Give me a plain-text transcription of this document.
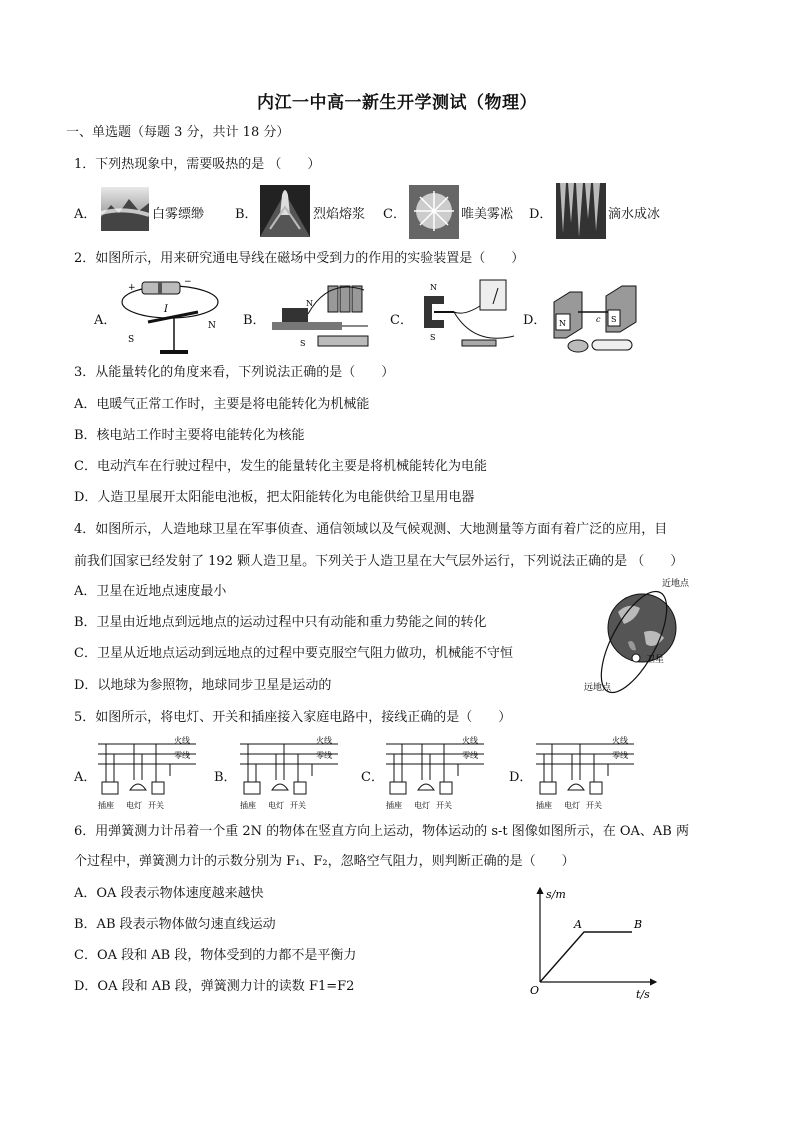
内江一中高一新生开学测试（物理）
一、单选题（每题 3 分，共计 18 分）
1．下列热现象中，需要吸热的是 （　　）
A．	白雾缥缈 B．	烈焰熔浆 C．	唯美雾凇 D．	滴水成冰
2．如图所示，用来研究通电导线在磁场中受到力的作用的实验装置是（　　）
A．
+
−
I
S
N B．
N
S
C．
N
S
D． N	S
c
3．从能量转化的角度来看，下列说法正确的是（　　）
A．电暖气正常工作时，主要是将电能转化为机械能
B．核电站工作时主要将电能转化为核能
C．电动汽车在行驶过程中，发生的能量转化主要是将机械能转化为电能
D．人造卫星展开太阳能电池板，把太阳能转化为电能供给卫星用电器
4．如图所示，人造地球卫星在军事侦查、通信领域以及气候观测、大地测量等方面有着广泛的应用，目
前我们国家已经发射了 192 颗人造卫星。下列关于人造卫星在大气层外运行，下列说法正确的是 （　　）
A．卫星在近地点速度最小
B．卫星由近地点到远地点的运动过程中只有动能和重力势能之间的转化
C．卫星从近地点运动到远地点的过程中要克服空气阻力做功，机械能不守恒
D．以地球为参照物，地球同步卫星是运动的
卫星
近地点
远地点
5．如图所示，将电灯、开关和插座接入家庭电路中，接线正确的是（　　）
A．	B．	C．	D．
火线
零线
插座 电灯 开关
火线
零线
插座 电灯 开关
火线
零线
插座 电灯 开关
火线
零线
插座 电灯 开关
6．用弹簧测力计吊着一个重 2N 的物体在竖直方向上运动，物体运动的 s-t 图像如图所示，在 OA、AB 两
个过程中，弹簧测力计的示数分别为 F₁、F₂，忽略空气阻力，则判断正确的是（　　）
A．OA 段表示物体速度越来越快
B．AB 段表示物体做匀速直线运动
C．OA 段和 AB 段，物体受到的力都不是平衡力
D．OA 段和 AB 段，弹簧测力计的读数 F1=F2
s/m
t/s
O
A	B
